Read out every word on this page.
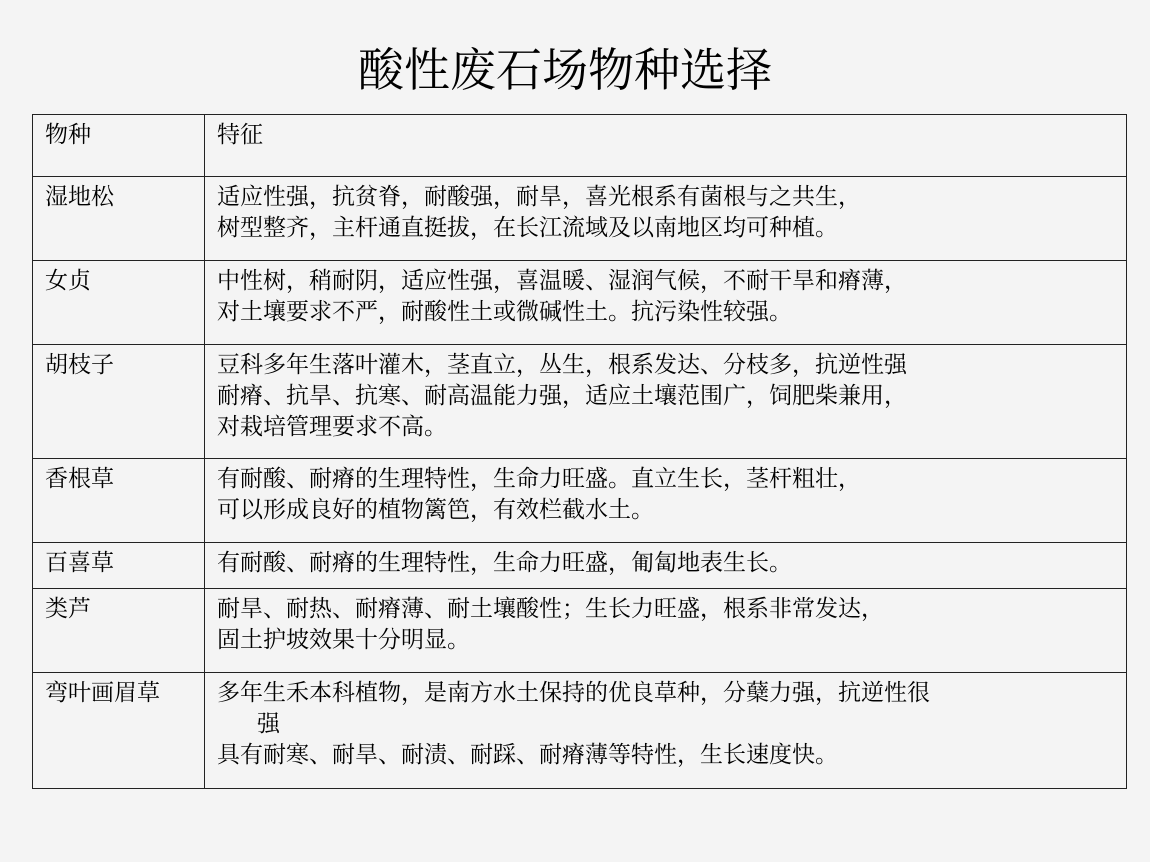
酸性废石场物种选择
物种	特征
湿地松	适应性强，抗贫脊，耐酸强，耐旱，喜光根系有菌根与之共生，
树型整齐，主杆通直挺拔，在长江流域及以南地区均可种植。

女贞	中性树，稍耐阴，适应性强，喜温暖、湿润气候，不耐干旱和瘠薄，
对土壤要求不严，耐酸性土或微碱性土。抗污染性较强。

胡枝子	豆科多年生落叶灌木，茎直立，丛生，根系发达、分枝多，抗逆性强
耐瘠、抗旱、抗寒、耐高温能力强，适应土壤范围广，饲肥柴兼用，
对栽培管理要求不高。

香根草	有耐酸、耐瘠的生理特性，生命力旺盛。直立生长，茎杆粗壮，
可以形成良好的植物篱笆，有效栏截水土。

百喜草	有耐酸、耐瘠的生理特性，生命力旺盛，匍匐地表生长。

类芦	耐旱、耐热、耐瘠薄、耐土壤酸性；生长力旺盛，根系非常发达，
固土护坡效果十分明显。

弯叶画眉草	多年生禾本科植物，是南方水土保持的优良草种，分蘖力强，抗逆性很
强
具有耐寒、耐旱、耐渍、耐踩、耐瘠薄等特性，生长速度快。
